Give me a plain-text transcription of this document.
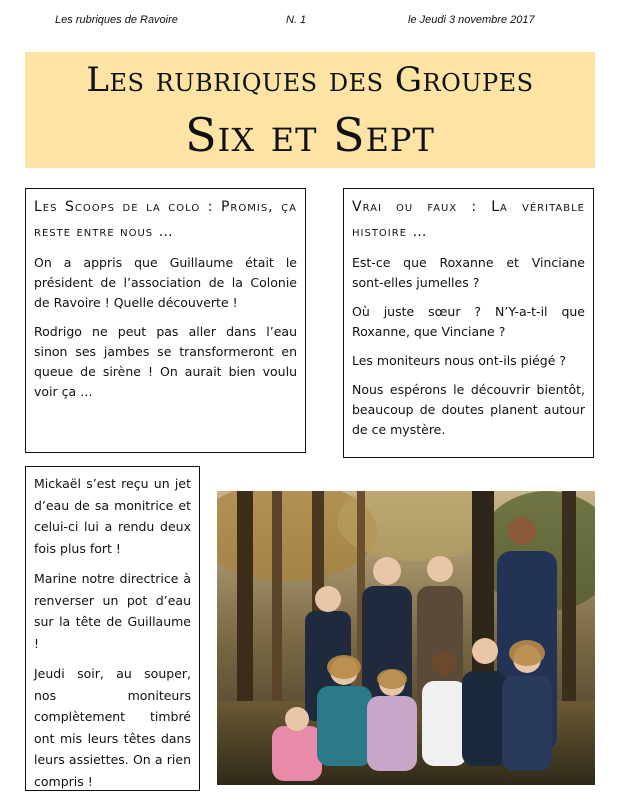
Les rubriques de Ravoire	N. 1	le Jeudi 3 novembre 2017
Les rubriques des Groupes
Six et Sept
Les Scoops de la colo : Promis, ça reste entre nous …

On a appris que Guillaume était le président de l’association de la Colonie de Ravoire ! Quelle découverte !

Rodrigo ne peut pas aller dans l’eau sinon ses jambes se transformeront en queue de sirène ! On aurait bien voulu voir ça …

Vrai ou faux : La véritable histoire …

Est-ce que Roxanne et Vinciane sont-elles jumelles ?

Où juste sœur ? N’Y-a-t-il que Roxanne, que Vinciane ?

Les moniteurs nous ont-ils piégé ?

Nous espérons le découvrir bientôt, beaucoup de doutes planent autour de ce mystère.

Mickaël s’est reçu un jet d’eau de sa monitrice et celui-ci lui a rendu deux fois plus fort !

Marine notre directrice à renverser un pot d’eau sur la tête de Guillaume !

Jeudi soir, au souper, nos moniteurs complètement timbré ont mis leurs têtes dans leurs assiettes. On a rien compris !
